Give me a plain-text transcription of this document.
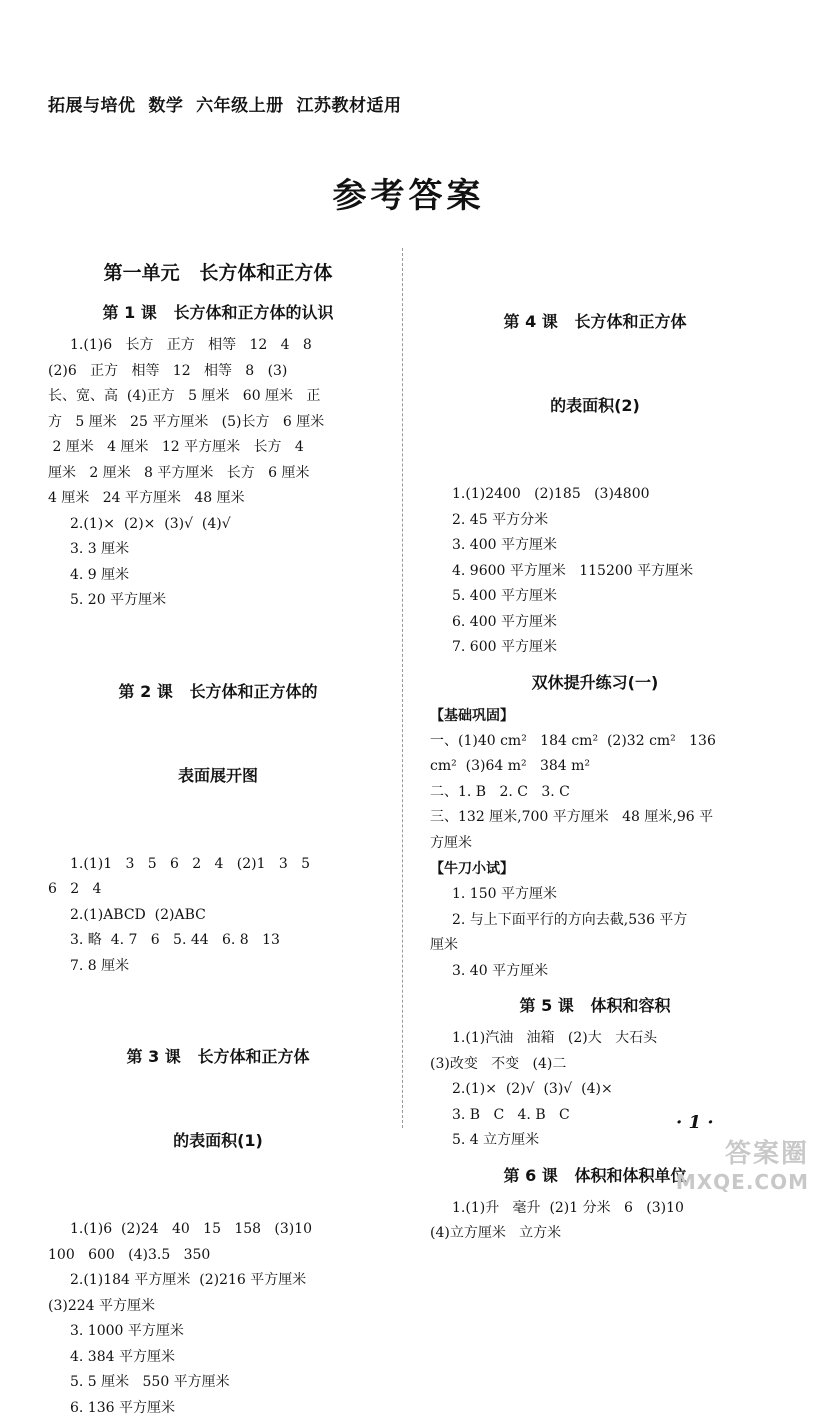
拓展与培优  数学  六年级上册  江苏教材适用
参考答案
第一单元   长方体和正方体
第 1 课   长方体和正方体的认识
1.(1)6   长方   正方   相等   12   4   8
(2)6   正方   相等   12   相等   8   (3)
长、宽、高  (4)正方   5 厘米   60 厘米   正
方   5 厘米   25 平方厘米   (5)长方   6 厘米
2 厘米   4 厘米   12 平方厘米   长方   4
厘米   2 厘米   8 平方厘米   长方   6 厘米
4 厘米   24 平方厘米   48 厘米
2.(1)×  (2)×  (3)√  (4)√
3. 3 厘米
4. 9 厘米
5. 20 平方厘米

第 2 课   长方体和正方体的

表面展开图

1.(1)1   3   5   6   2   4   (2)1   3   5
6   2   4
2.(1)ABCD  (2)ABC
3. 略  4. 7   6   5. 44   6. 8   13
7. 8 厘米

第 3 课   长方体和正方体

的表面积(1)

1.(1)6  (2)24   40   15   158   (3)10
100   600   (4)3.5   350
2.(1)184 平方厘米  (2)216 平方厘米
(3)224 平方厘米
3. 1000 平方厘米
4. 384 平方厘米
5. 5 厘米   550 平方厘米
6. 136 平方厘米

第 4 课   长方体和正方体

的表面积(2)

1.(1)2400   (2)185   (3)4800
2. 45 平方分米
3. 400 平方厘米
4. 9600 平方厘米   115200 平方厘米
5. 400 平方厘米
6. 400 平方厘米
7. 600 平方厘米
双休提升练习(一)
【基础巩固】
一、(1)40 cm²   184 cm²  (2)32 cm²   136
cm²  (3)64 m²   384 m²
二、1. B   2. C   3. C
三、132 厘米,700 平方厘米   48 厘米,96 平
方厘米
【牛刀小试】
1. 150 平方厘米
2. 与上下面平行的方向去截,536 平方
厘米
3. 40 平方厘米
第 5 课   体积和容积
1.(1)汽油   油箱   (2)大   大石头
(3)改变   不变   (4)二
2.(1)×  (2)√  (3)√  (4)×
3. B   C   4. B   C
5. 4 立方厘米
第 6 课   体积和体积单位
1.(1)升   毫升  (2)1 分米   6   (3)10
(4)立方厘米   立方米
· 1 ·
答案圈
MXQE.COM
